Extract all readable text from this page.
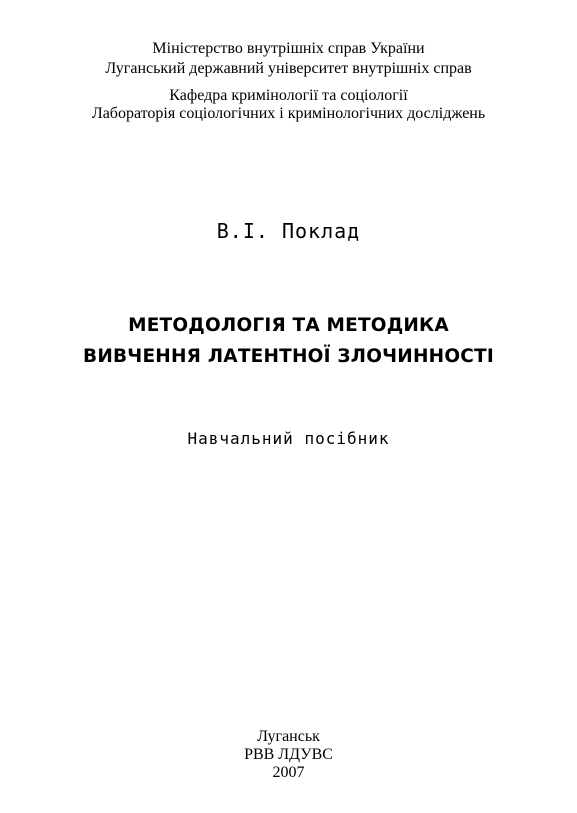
Міністерство внутрішніх справ України
Луганський державний університет внутрішніх справ
Кафедра кримінології та соціології
Лабораторія соціологічних і кримінологічних досліджень
В.І. Поклад
МЕТОДОЛОГІЯ ТА МЕТОДИКА
ВИВЧЕННЯ ЛАТЕНТНОЇ ЗЛОЧИННОСТІ
Навчальний посібник
Луганськ
РВВ ЛДУВС
2007
